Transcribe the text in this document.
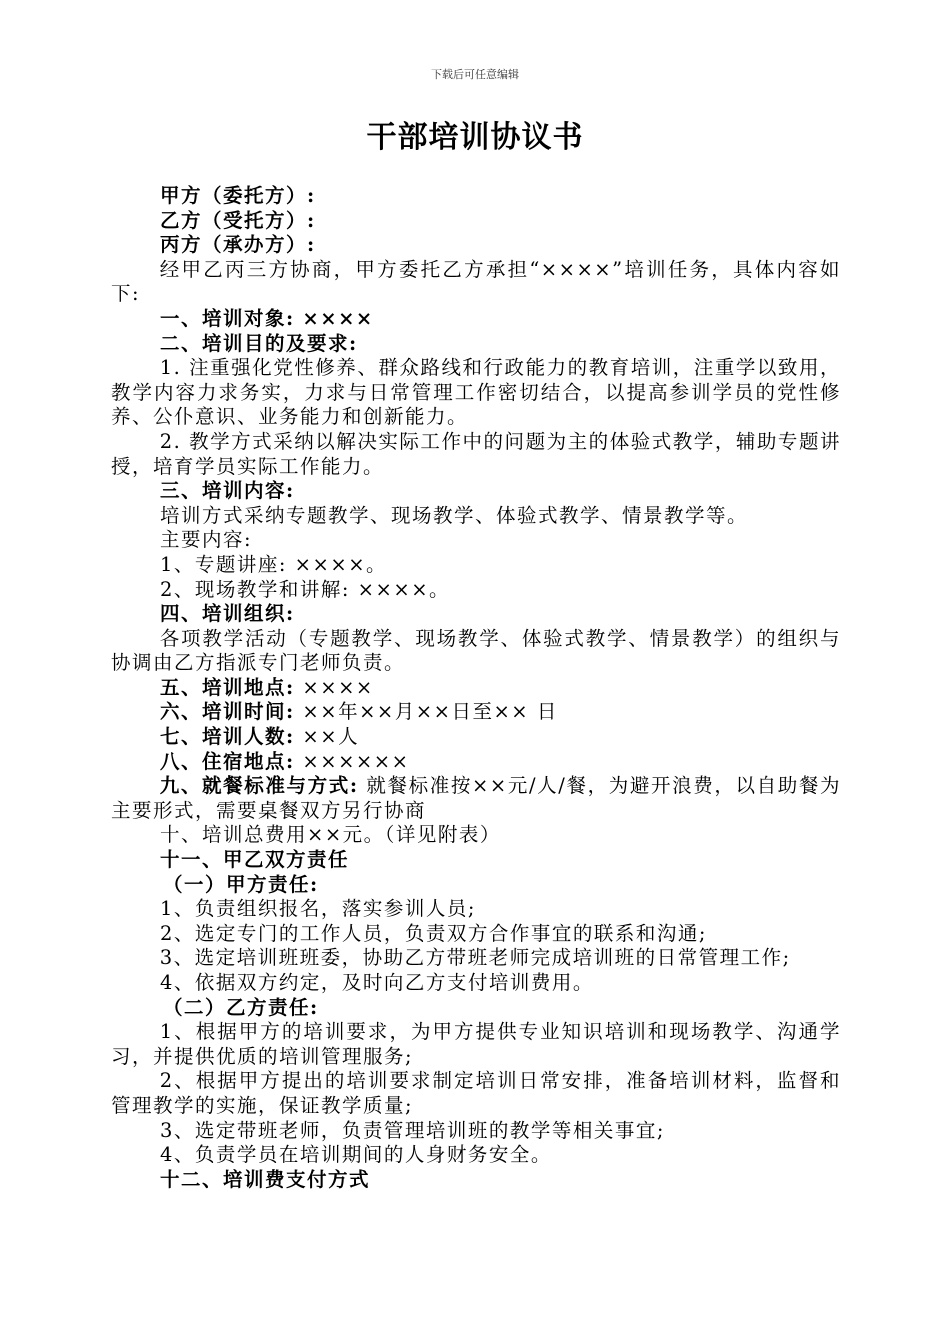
下载后可任意编辑
干部培训协议书
甲方（委托方）:
乙方（受托方）:
丙方（承办方）:
经甲乙丙三方协商，甲方委托乙方承担“××××”培训任务，具体内容如下:
一、培训对象: ××××
二、培训目的及要求:
1. 注重强化党性修养、群众路线和行政能力的教育培训，注重学以致用，教学内容力求务实，力求与日常管理工作密切结合，以提高参训学员的党性修养、公仆意识、业务能力和创新能力。
2. 教学方式采纳以解决实际工作中的问题为主的体验式教学，辅助专题讲授，培育学员实际工作能力。
三、培训内容:
培训方式采纳专题教学、现场教学、体验式教学、情景教学等。
主要内容:
1、专题讲座: ××××。
2、现场教学和讲解: ××××。
四、培训组织:
各项教学活动（专题教学、现场教学、体验式教学、情景教学）的组织与协调由乙方指派专门老师负责。
五、培训地点: ××××
六、培训时间: ××年××月××日至×× 日
七、培训人数: ××人
八、住宿地点: ××××××
九、就餐标准与方式: 就餐标准按××元/人/餐，为避开浪费，以自助餐为主要形式，需要桌餐双方另行协商
十、培训总费用××元。（详见附表）
十一、甲乙双方责任
（一）甲方责任:
1、负责组织报名，落实参训人员;
2、选定专门的工作人员，负责双方合作事宜的联系和沟通;
3、选定培训班班委，协助乙方带班老师完成培训班的日常管理工作;
4、依据双方约定，及时向乙方支付培训费用。
（二）乙方责任:
1、根据甲方的培训要求，为甲方提供专业知识培训和现场教学、沟通学习，并提供优质的培训管理服务;
2、根据甲方提出的培训要求制定培训日常安排，准备培训材料，监督和管理教学的实施，保证教学质量;
3、选定带班老师，负责管理培训班的教学等相关事宜;
4、负责学员在培训期间的人身财务安全。
十二、培训费支付方式
